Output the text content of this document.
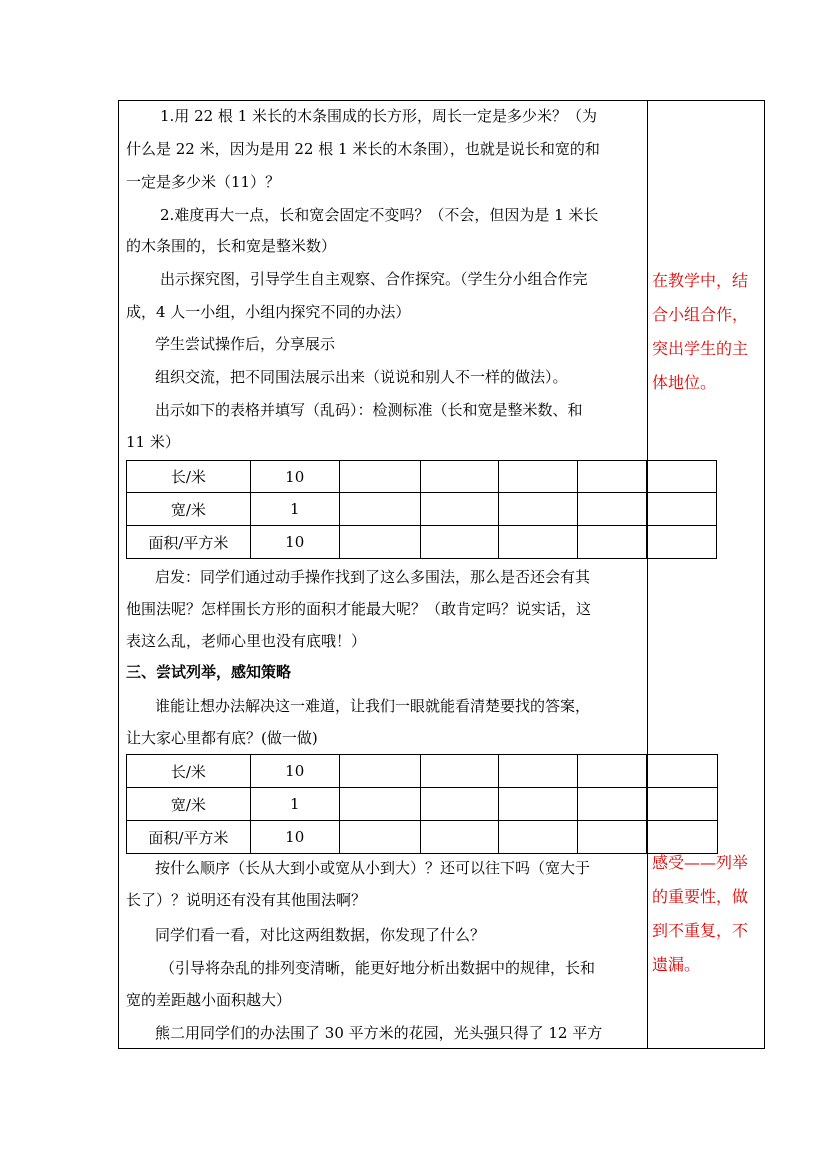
1.用 22 根 1 米长的木条围成的长方形，周长一定是多少米？（为
什么是 22 米，因为是用 22 根 1 米长的木条围），也就是说长和宽的和
一定是多少米（11）？
2.难度再大一点，长和宽会固定不变吗？（不会，但因为是 1 米长
的木条围的，长和宽是整米数）
出示探究图，引导学生自主观察、合作探究。（学生分小组合作完
成，4 人一小组，小组内探究不同的办法）
学生尝试操作后，分享展示
组织交流，把不同围法展示出来（说说和别人不一样的做法）。
出示如下的表格并填写（乱码）：检测标准（长和宽是整米数、和
11 米）
长/米	10					
宽/米	1					
面积/平方米	10					
启发：同学们通过动手操作找到了这么多围法，那么是否还会有其
他围法呢？怎样围长方形的面积才能最大呢？（敢肯定吗？说实话，这
表这么乱，老师心里也没有底哦！）
三、尝试列举，感知策略
谁能让想办法解决这一难道，让我们一眼就能看清楚要找的答案，
让大家心里都有底？(做一做)
长/米	10					
宽/米	1					
面积/平方米	10					
按什么顺序（长从大到小或宽从小到大）？还可以往下吗（宽大于
长了）？说明还有没有其他围法啊？
同学们看一看，对比这两组数据，你发现了什么？
（引导将杂乱的排列变清晰，能更好地分析出数据中的规律，长和
宽的差距越小面积越大）
熊二用同学们的办法围了 30 平方米的花园，光头强只得了 12 平方
在教学中，结
合小组合作，
突出学生的主
体地位。
感受——列举
的重要性，做
到不重复，不
遗漏。
